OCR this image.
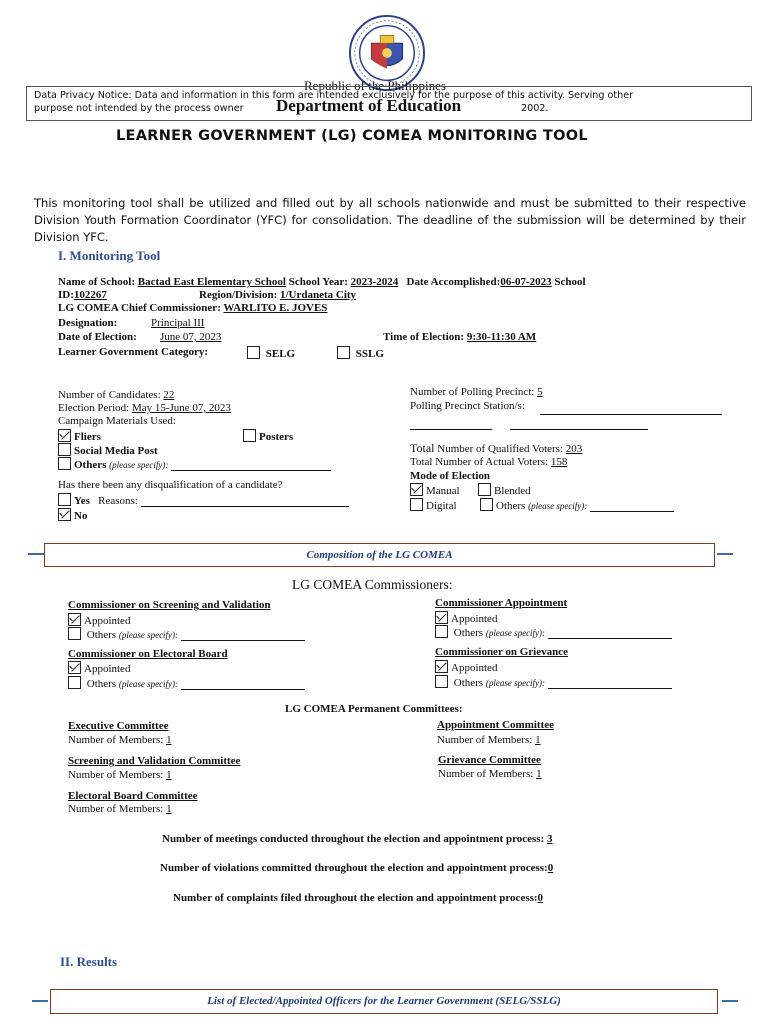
Republic of the Philippines
Data Privacy Notice: Data and information in this form are intended exclusively for the purpose of this activity. Serving other
purpose not intended by the process owner	2002.
Department of Education
LEARNER GOVERNMENT (LG) COMEA MONITORING TOOL
This monitoring tool shall be utilized and filled out by all schools nationwide and must be submitted to their respective Division Youth Formation Coordinator (YFC) for consolidation. The deadline of the submission will be determined by their Division YFC.
I. Monitoring Tool
Name of School: Bactad East Elementary School School Year: 2023-2024 Date Accomplished:06-07-2023 School
ID:102267	Region/Division: 1/Urdaneta City
LG COMEA Chief Commissioner: WARLITO E. JOVES
Designation:	Principal III
Date of Election: June 07, 2023	Time of Election: 9:30-11:30 AM
Learner Government Category:	SELG	SSLG
Number of Candidates: 22
Election Period: May 15-June 07, 2023
Campaign Materials Used:
Fliers	Posters
Social Media Post
Others (please specify):
Has there been any disqualification of a candidate?
Yes Reasons:
No
Number of Polling Precinct: 5
Polling Precinct Station/s:
Total Number of Qualified Voters: 203
Total Number of Actual Voters: 158
Mode of Election
Manual	Blended
Digital	Others (please specify):
Composition of the LG COMEA
LG COMEA Commissioners:
Commissioner on Screening and Validation
Appointed
Others (please specify):
Commissioner on Electoral Board
Appointed
Others (please specify):
Commissioner Appointment
Appointed
Others (please specify):
Commissioner on Grievance
Appointed
Others (please specify):
LG COMEA Permanent Committees:
Executive Committee
Number of Members: 1
Appointment Committee
Number of Members: 1
Screening and Validation Committee
Number of Members: 1
Grievance Committee
Number of Members: 1
Electoral Board Committee
Number of Members: 1
Number of meetings conducted throughout the election and appointment process: 3
Number of violations committed throughout the election and appointment process:0
Number of complaints filed throughout the election and appointment process:0
II. Results
List of Elected/Appointed Officers for the Learner Government (SELG/SSLG)
